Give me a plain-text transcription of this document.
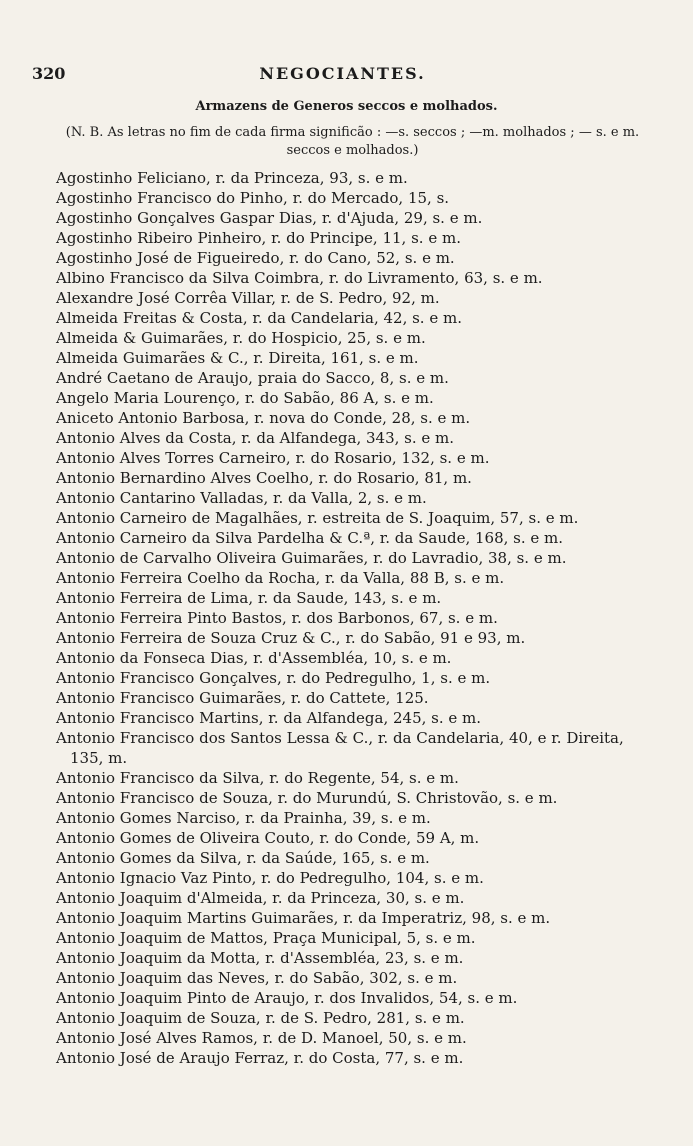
320	NEGOCIANTES.
Armazens de Generos seccos e molhados.
(N. B. As letras no fim de cada firma significão : —s. seccos ; —m. molhados ; — s. e m. seccos e molhados.)
Agostinho Feliciano, r. da Princeza, 93, s. e m.
Agostinho Francisco do Pinho, r. do Mercado, 15, s.
Agostinho Gonçalves Gaspar Dias, r. d'Ajuda, 29, s. e m.
Agostinho Ribeiro Pinheiro, r. do Principe, 11, s. e m.
Agostinho José de Figueiredo, r. do Cano, 52, s. e m.
Albino Francisco da Silva Coimbra, r. do Livramento, 63, s. e m.
Alexandre José Corrêa Villar, r. de S. Pedro, 92, m.
Almeida Freitas & Costa, r. da Candelaria, 42, s. e m.
Almeida & Guimarães, r. do Hospicio, 25, s. e m.
Almeida Guimarães & C., r. Direita, 161, s. e m.
André Caetano de Araujo, praia do Sacco, 8, s. e m.
Angelo Maria Lourenço, r. do Sabão, 86 A, s. e m.
Aniceto Antonio Barbosa, r. nova do Conde, 28, s. e m.
Antonio Alves da Costa, r. da Alfandega, 343, s. e m.
Antonio Alves Torres Carneiro, r. do Rosario, 132, s. e m.
Antonio Bernardino Alves Coelho, r. do Rosario, 81, m.
Antonio Cantarino Valladas, r. da Valla, 2, s. e m.
Antonio Carneiro de Magalhães, r. estreita de S. Joaquim, 57, s. e m.
Antonio Carneiro da Silva Pardelha & C.ª, r. da Saude, 168, s. e m.
Antonio de Carvalho Oliveira Guimarães, r. do Lavradio, 38, s. e m.
Antonio Ferreira Coelho da Rocha, r. da Valla, 88 B, s. e m.
Antonio Ferreira de Lima, r. da Saude, 143, s. e m.
Antonio Ferreira Pinto Bastos, r. dos Barbonos, 67, s. e m.
Antonio Ferreira de Souza Cruz & C., r. do Sabão, 91 e 93, m.
Antonio da Fonseca Dias, r. d'Assembléa, 10, s. e m.
Antonio Francisco Gonçalves, r. do Pedregulho, 1, s. e m.
Antonio Francisco Guimarães, r. do Cattete, 125.
Antonio Francisco Martins, r. da Alfandega, 245, s. e m.
Antonio Francisco dos Santos Lessa & C., r. da Candelaria, 40, e r. Direita, 135, m.
Antonio Francisco da Silva, r. do Regente, 54, s. e m.
Antonio Francisco de Souza, r. do Murundú, S. Christovão, s. e m.
Antonio Gomes Narciso, r. da Prainha, 39, s. e m.
Antonio Gomes de Oliveira Couto, r. do Conde, 59 A, m.
Antonio Gomes da Silva, r. da Saúde, 165, s. e m.
Antonio Ignacio Vaz Pinto, r. do Pedregulho, 104, s. e m.
Antonio Joaquim d'Almeida, r. da Princeza, 30, s. e m.
Antonio Joaquim Martins Guimarães, r. da Imperatriz, 98, s. e m.
Antonio Joaquim de Mattos, Praça Municipal, 5, s. e m.
Antonio Joaquim da Motta, r. d'Assembléa, 23, s. e m.
Antonio Joaquim das Neves, r. do Sabão, 302, s. e m.
Antonio Joaquim Pinto de Araujo, r. dos Invalidos, 54, s. e m.
Antonio Joaquim de Souza, r. de S. Pedro, 281, s. e m.
Antonio José Alves Ramos, r. de D. Manoel, 50, s. e m.
Antonio José de Araujo Ferraz, r. do Costa, 77, s. e m.
